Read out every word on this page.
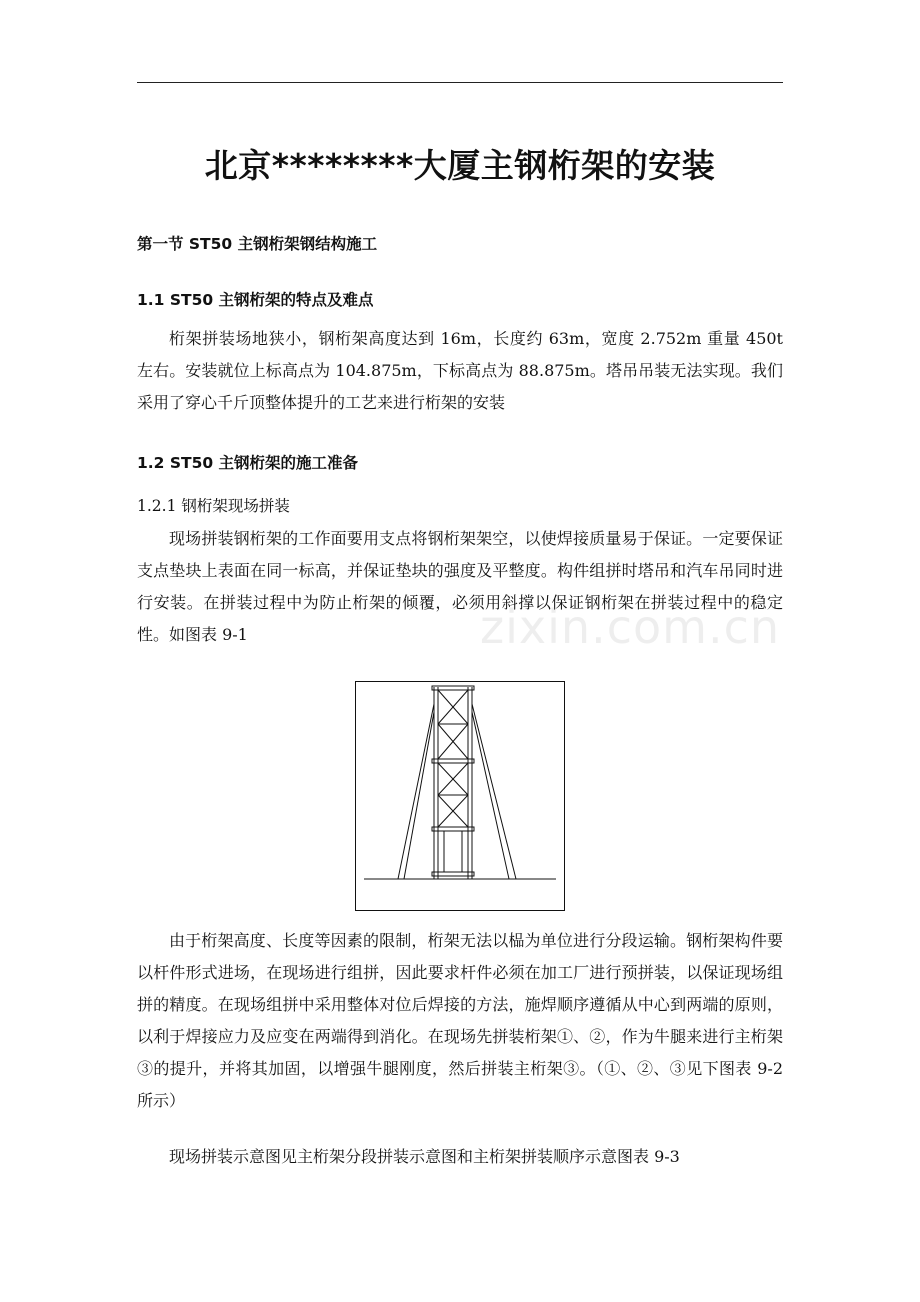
北京********大厦主钢桁架的安装
第一节 ST50 主钢桁架钢结构施工
1.1 ST50 主钢桁架的特点及难点

桁架拼装场地狭小，钢桁架高度达到 16m，长度约 63m，宽度 2.752m 重量 450t 左右。安装就位上标高点为 104.875m，下标高点为 88.875m。塔吊吊装无法实现。我们采用了穿心千斤顶整体提升的工艺来进行桁架的安装

1.2 ST50 主钢桁架的施工准备
1.2.1 钢桁架现场拼装

现场拼装钢桁架的工作面要用支点将钢桁架架空，以使焊接质量易于保证。一定要保证支点垫块上表面在同一标高，并保证垫块的强度及平整度。构件组拼时塔吊和汽车吊同时进行安装。在拼装过程中为防止桁架的倾覆，必须用斜撑以保证钢桁架在拼装过程中的稳定性。如图表 9-1

由于桁架高度、长度等因素的限制，桁架无法以榀为单位进行分段运输。钢桁架构件要以杆件形式进场，在现场进行组拼，因此要求杆件必须在加工厂进行预拼装，以保证现场组拼的精度。在现场组拼中采用整体对位后焊接的方法，施焊顺序遵循从中心到两端的原则，以利于焊接应力及应变在两端得到消化。在现场先拼装桁架①、②，作为牛腿来进行主桁架③的提升，并将其加固，以增强牛腿刚度，然后拼装主桁架③。（①、②、③见下图表 9-2 所示）

现场拼装示意图见主桁架分段拼装示意图和主桁架拼装顺序示意图表 9-3

zixin.com.cn
